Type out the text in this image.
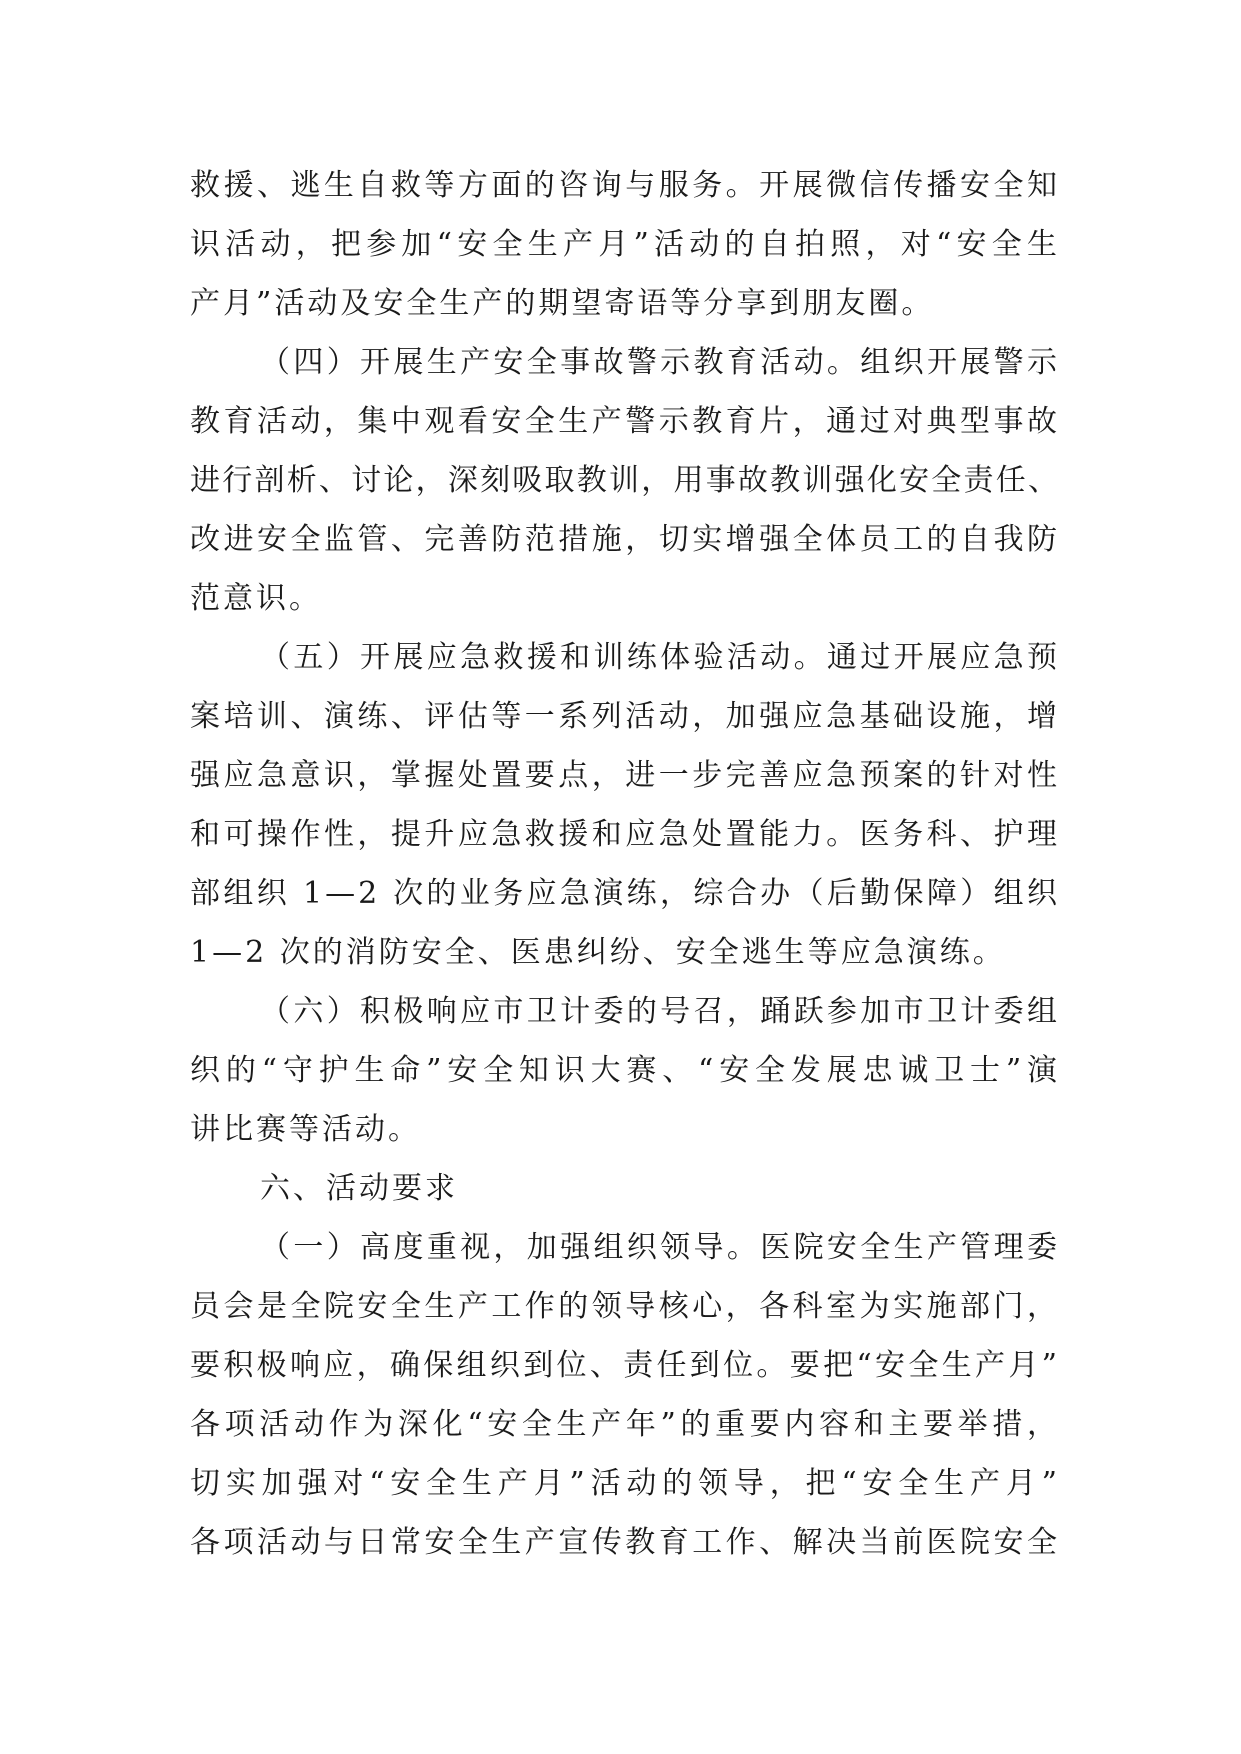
救援、逃生自救等方面的咨询与服务。开展微信传播安全知
识活动，把参加“安全生产月”活动的自拍照，对“安全生
产月”活动及安全生产的期望寄语等分享到朋友圈。
（四）开展生产安全事故警示教育活动。组织开展警示
教育活动，集中观看安全生产警示教育片，通过对典型事故
进行剖析、讨论，深刻吸取教训，用事故教训强化安全责任、
改进安全监管、完善防范措施，切实增强全体员工的自我防
范意识。
（五）开展应急救援和训练体验活动。通过开展应急预
案培训、演练、评估等一系列活动，加强应急基础设施，增
强应急意识，掌握处置要点，进一步完善应急预案的针对性
和可操作性，提升应急救援和应急处置能力。医务科、护理
部组织 1—2 次的业务应急演练，综合办（后勤保障）组织
1—2 次的消防安全、医患纠纷、安全逃生等应急演练。
（六）积极响应市卫计委的号召，踊跃参加市卫计委组
织的“守护生命”安全知识大赛、“安全发展忠诚卫士”演
讲比赛等活动。
六、活动要求
（一）高度重视，加强组织领导。医院安全生产管理委
员会是全院安全生产工作的领导核心，各科室为实施部门，
要积极响应，确保组织到位、责任到位。要把“安全生产月”
各项活动作为深化“安全生产年”的重要内容和主要举措，
切实加强对“安全生产月”活动的领导，把“安全生产月”
各项活动与日常安全生产宣传教育工作、解决当前医院安全
